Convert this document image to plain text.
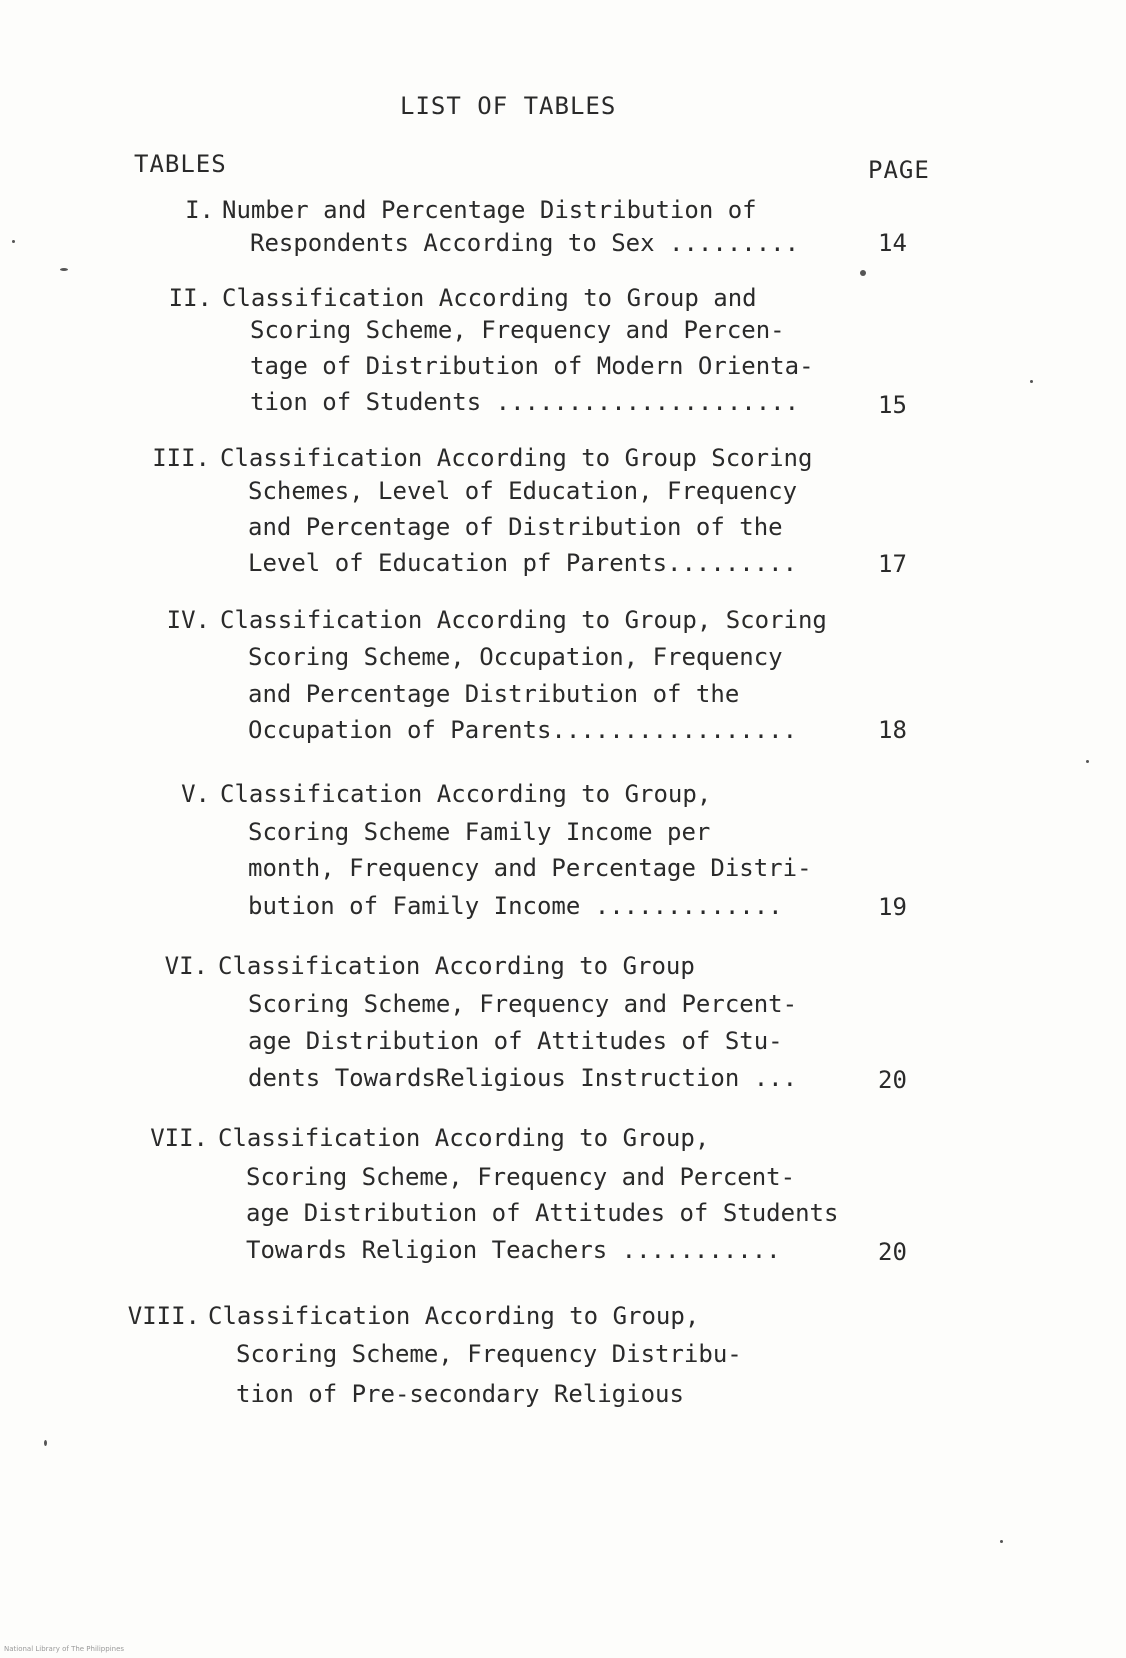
LIST OF TABLES
TABLES	PAGE
I. Number and Percentage Distribution of
Respondents According to Sex .........	14
II. Classification According to Group and
Scoring Scheme, Frequency and Percen-
tage of Distribution of Modern Orienta-
tion of Students .....................	15
III. Classification According to Group Scoring
Schemes, Level of Education, Frequency
and Percentage of Distribution of the
Level of Education pf Parents.........	17
IV. Classification According to Group, Scoring
Scoring Scheme, Occupation, Frequency
and Percentage Distribution of the
Occupation of Parents.................	18
V. Classification According to Group,
Scoring Scheme Family Income per
month, Frequency and Percentage Distri-
bution of Family Income .............	19
VI. Classification According to Group
Scoring Scheme, Frequency and Percent-
age Distribution of Attitudes of Stu-
dents TowardsReligious Instruction ...	20
VII. Classification According to Group,
Scoring Scheme, Frequency and Percent-
age Distribution of Attitudes of Students
Towards Religion Teachers ...........	20
VIII. Classification According to Group,
Scoring Scheme, Frequency Distribu-
tion of Pre-secondary Religious
National Library of The Philippines
